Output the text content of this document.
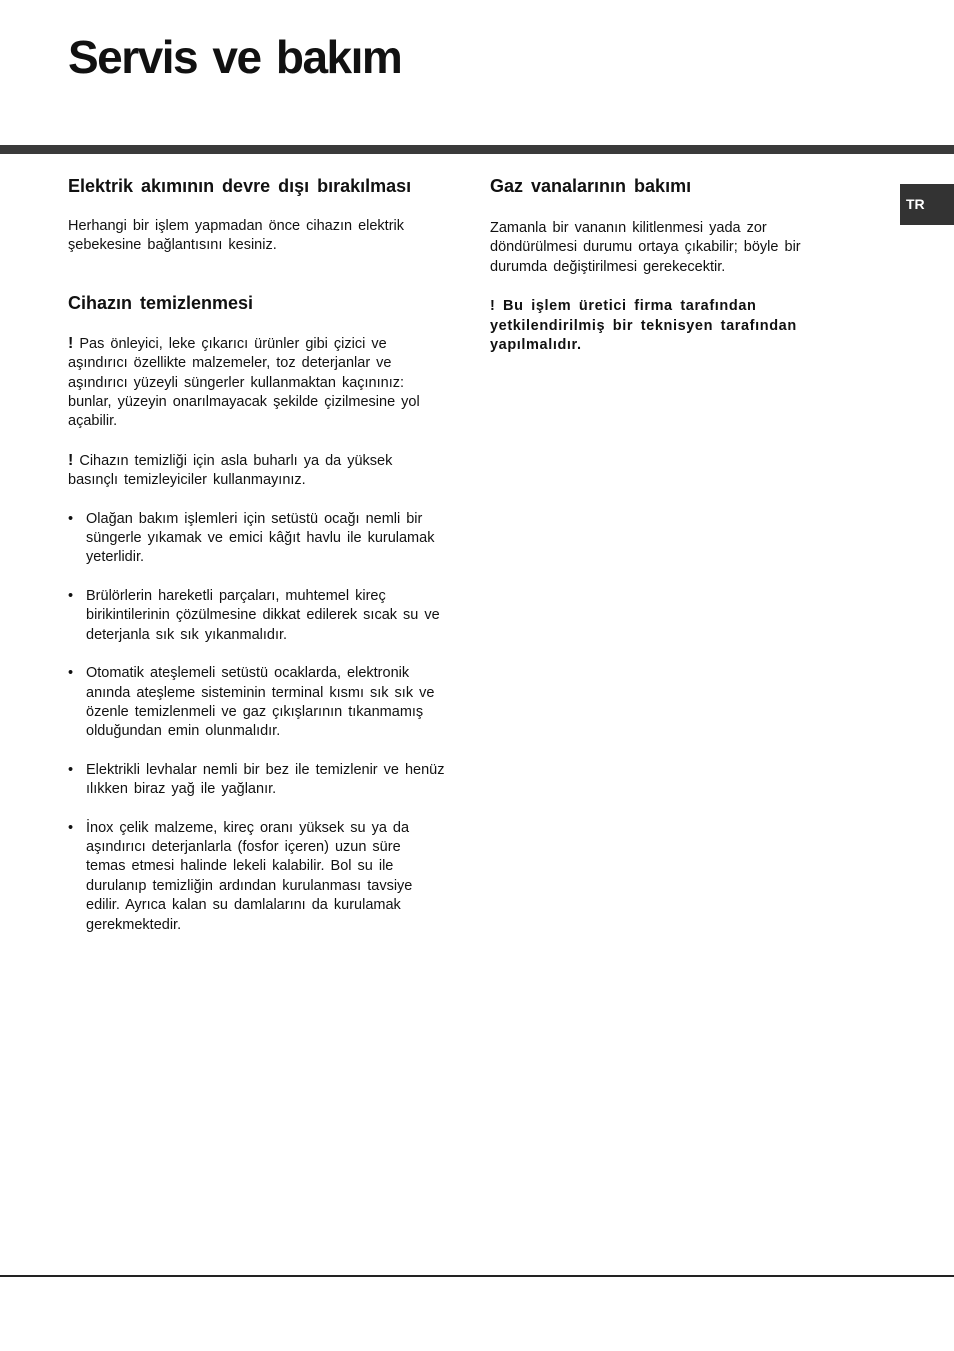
Servis ve bakım
TR
Elektrik akımının devre dışı bırakılması

Herhangi bir işlem yapmadan önce cihazın elektrik şebekesine bağlantısını kesiniz.

Cihazın temizlenmesi

! Pas önleyici, leke çıkarıcı ürünler gibi çizici ve aşındırıcı özellikte malzemeler, toz deterjanlar ve aşındırıcı yüzeyli süngerler kullanmaktan kaçınınız: bunlar, yüzeyin onarılmayacak şekilde çizilmesine yol açabilir.

! Cihazın temizliği için asla buharlı ya da yüksek basınçlı temizleyiciler kullanmayınız.

• Olağan bakım işlemleri için setüstü ocağı nemli bir süngerle yıkamak ve emici kâğıt havlu ile kurulamak yeterlidir.
• Brülörlerin hareketli parçaları, muhtemel kireç birikintilerinin çözülmesine dikkat edilerek sıcak su ve deterjanla sık sık yıkanmalıdır.
• Otomatik ateşlemeli setüstü ocaklarda, elektronik anında ateşleme sisteminin terminal kısmı sık sık ve özenle temizlenmeli ve gaz çıkışlarının tıkanmamış olduğundan emin olunmalıdır.
• Elektrikli levhalar nemli bir bez ile temizlenir ve henüz ılıkken biraz yağ ile yağlanır.
• İnox çelik malzeme, kireç oranı yüksek su ya da aşındırıcı deterjanlarla (fosfor içeren) uzun süre temas etmesi halinde lekeli kalabilir. Bol su ile durulanıp temizliğin ardından kurulanması tavsiye edilir. Ayrıca kalan su damlalarını da kurulamak gerekmektedir.
Gaz vanalarının bakımı

Zamanla bir vananın kilitlenmesi yada zor döndürülmesi durumu ortaya çıkabilir; böyle bir durumda değiştirilmesi gerekecektir.

! Bu işlem üretici firma tarafından yetkilendirilmiş bir teknisyen tarafından yapılmalıdır.
